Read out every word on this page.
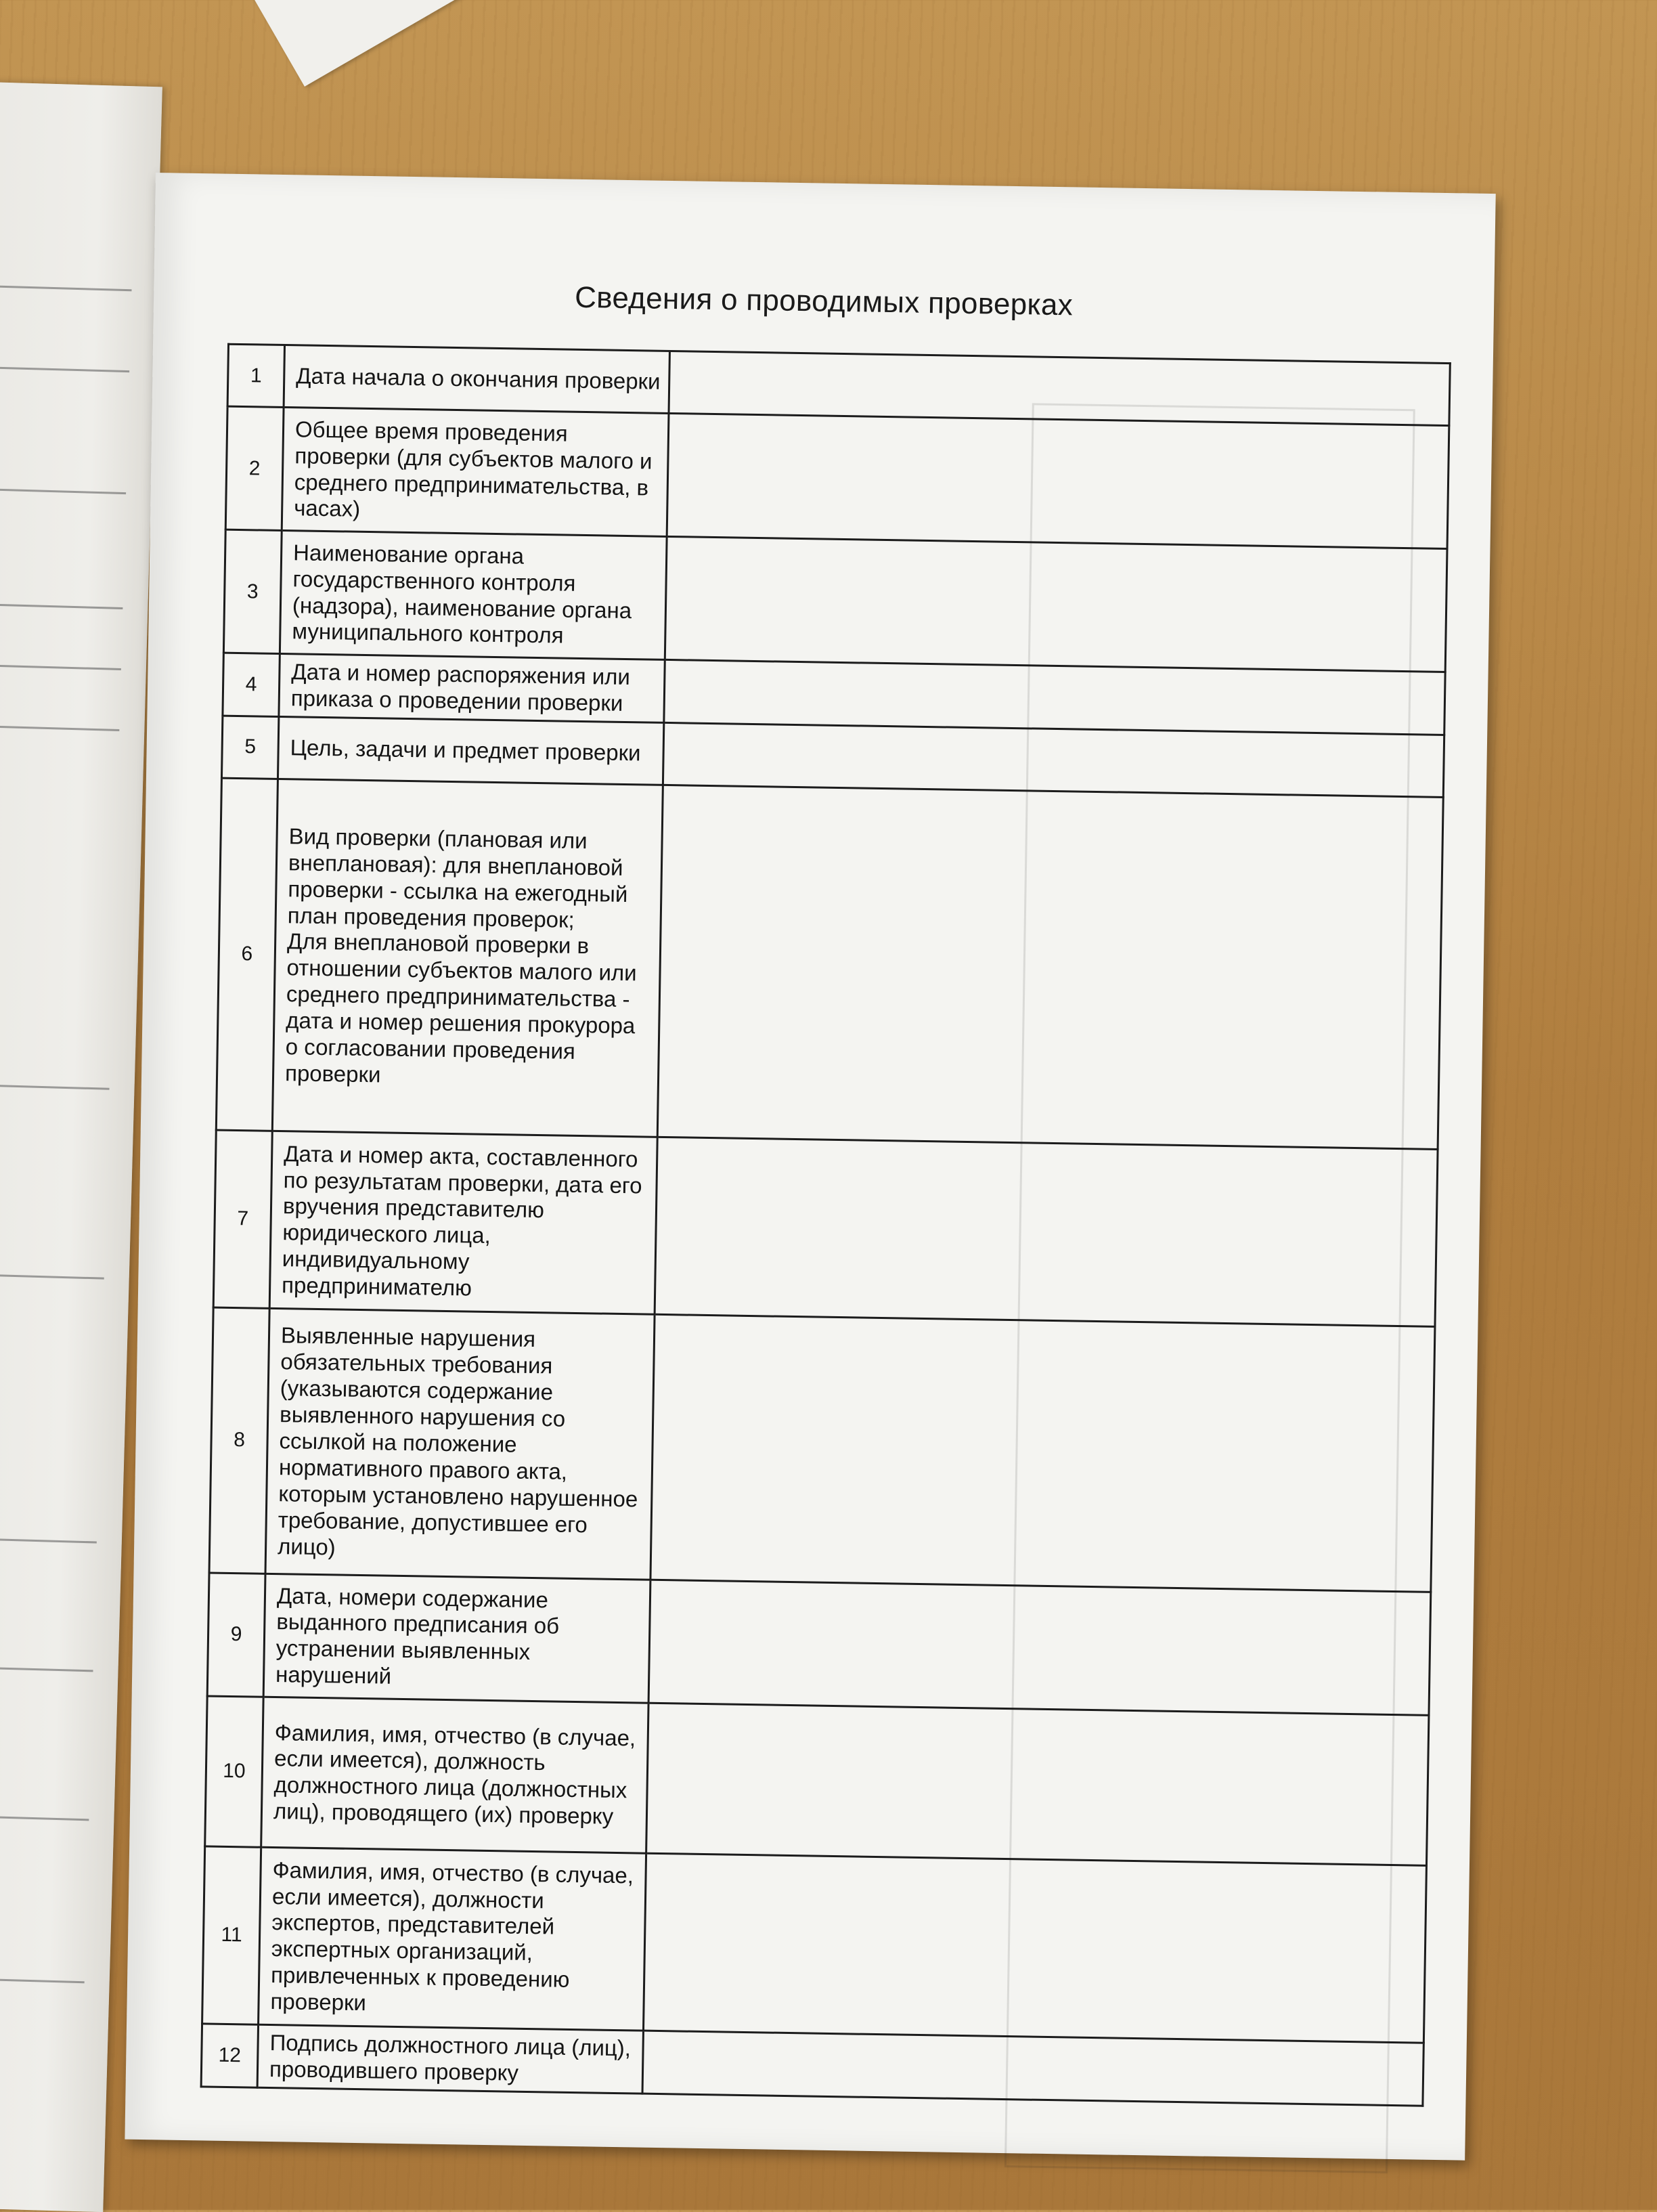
Сведения о проводимых проверках
1	Дата начала о окончания проверки	
2	Общее время проведения проверки (для субъектов малого и среднего предпринимательства, в часах)	
3	Наименование органа государственного контроля (надзора), наименование органа муниципального контроля	
4	Дата и номер распоряжения или приказа о проведении проверки	
5	Цель, задачи и предмет проверки	
6	Вид проверки (плановая или внеплановая): для внеплановой проверки - ссылка на ежегодный план проведения проверок;
Для внеплановой проверки в отношении субъектов малого или среднего предпринимательства - дата и номер решения прокурора о согласовании проведения проверки	
7	Дата и номер акта, составленного по результатам проверки, дата его вручения представителю юридического лица, индивидуальному предпринимателю	
8	Выявленные нарушения обязательных требования (указываются содержание выявленного нарушения со ссылкой на положение нормативного правого акта, которым установлено нарушенное требование, допустившее его лицо)	
9	Дата, номери содержание выданного предписания об устранении выявленных нарушений	
10	Фамилия, имя, отчество (в случае, если имеется), должность должностного лица (должностных лиц), проводящего (их) проверку	
11	Фамилия, имя, отчество (в случае, если имеется), должности экспертов, представителей экспертных организаций, привлеченных к проведению проверки	
12	Подпись должностного лица (лиц), проводившего проверку	
